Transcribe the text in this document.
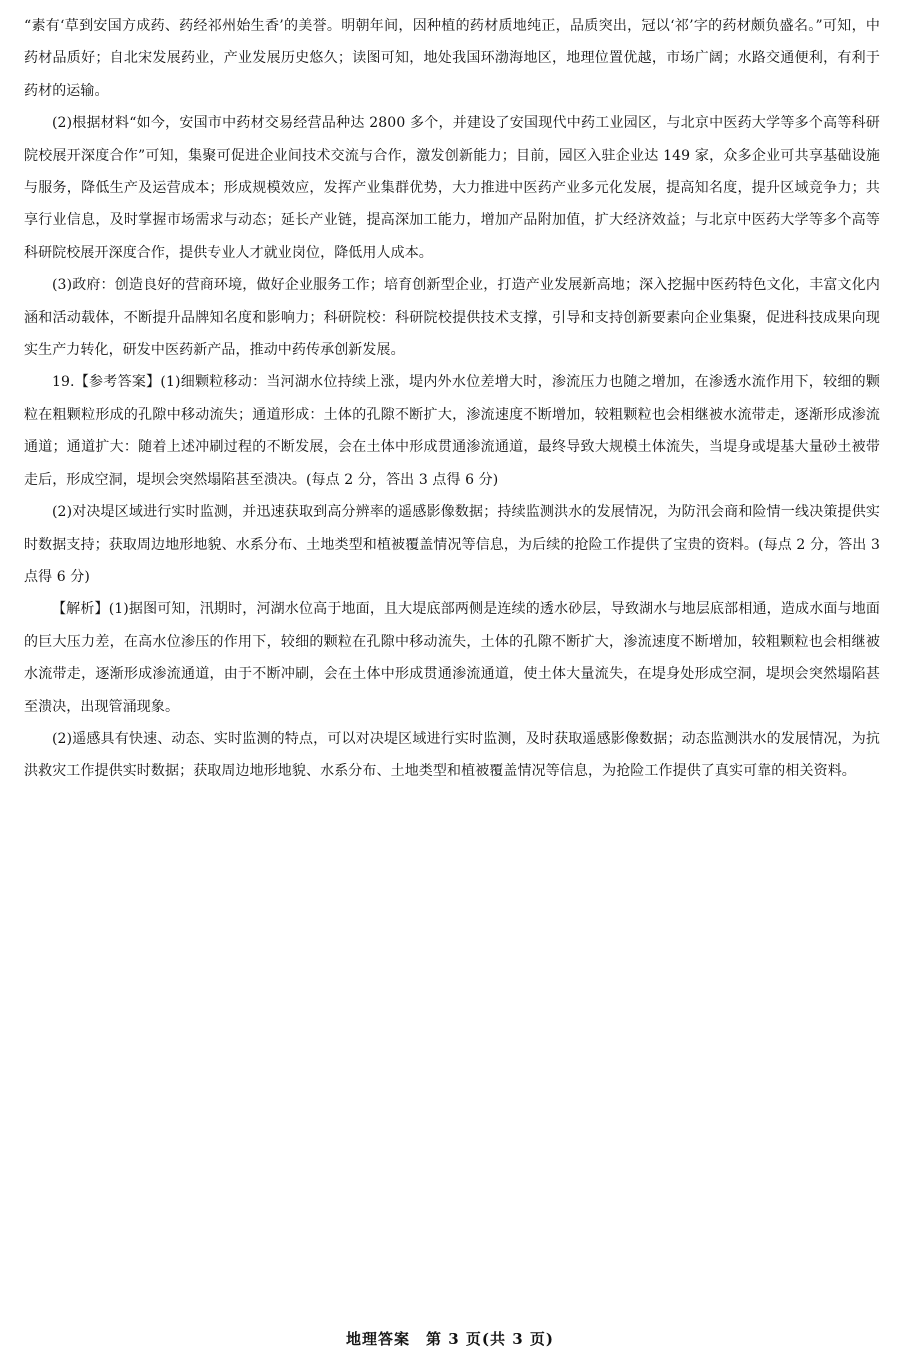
“素有‘草到安国方成药、药经祁州始生香’的美誉。明朝年间，因种植的药材质地纯正，品质突出，冠以‘祁’字的药材颇负盛名。”可知，中药材品质好；自北宋发展药业，产业发展历史悠久；读图可知，地处我国环渤海地区，地理位置优越，市场广阔；水路交通便利，有利于药材的运输。

(2)根据材料“如今，安国市中药材交易经营品种达 2800 多个，并建设了安国现代中药工业园区，与北京中医药大学等多个高等科研院校展开深度合作”可知，集聚可促进企业间技术交流与合作，激发创新能力；目前，园区入驻企业达 149 家，众多企业可共享基础设施与服务，降低生产及运营成本；形成规模效应，发挥产业集群优势，大力推进中医药产业多元化发展，提高知名度，提升区域竞争力；共享行业信息，及时掌握市场需求与动态；延长产业链，提高深加工能力，增加产品附加值，扩大经济效益；与北京中医药大学等多个高等科研院校展开深度合作，提供专业人才就业岗位，降低用人成本。

(3)政府：创造良好的营商环境，做好企业服务工作；培育创新型企业，打造产业发展新高地；深入挖掘中医药特色文化，丰富文化内涵和活动载体，不断提升品牌知名度和影响力；科研院校：科研院校提供技术支撑，引导和支持创新要素向企业集聚，促进科技成果向现实生产力转化，研发中医药新产品，推动中药传承创新发展。

19.【参考答案】(1)细颗粒移动：当河湖水位持续上涨，堤内外水位差增大时，渗流压力也随之增加，在渗透水流作用下，较细的颗粒在粗颗粒形成的孔隙中移动流失；通道形成：土体的孔隙不断扩大，渗流速度不断增加，较粗颗粒也会相继被水流带走，逐渐形成渗流通道；通道扩大：随着上述冲刷过程的不断发展，会在土体中形成贯通渗流通道，最终导致大规模土体流失，当堤身或堤基大量砂土被带走后，形成空洞，堤坝会突然塌陷甚至溃决。(每点 2 分，答出 3 点得 6 分)

(2)对决堤区域进行实时监测，并迅速获取到高分辨率的遥感影像数据；持续监测洪水的发展情况，为防汛会商和险情一线决策提供实时数据支持；获取周边地形地貌、水系分布、土地类型和植被覆盖情况等信息，为后续的抢险工作提供了宝贵的资料。(每点 2 分，答出 3 点得 6 分)

【解析】(1)据图可知，汛期时，河湖水位高于地面，且大堤底部两侧是连续的透水砂层，导致湖水与地层底部相通，造成水面与地面的巨大压力差，在高水位渗压的作用下，较细的颗粒在孔隙中移动流失，土体的孔隙不断扩大，渗流速度不断增加，较粗颗粒也会相继被水流带走，逐渐形成渗流通道，由于不断冲刷，会在土体中形成贯通渗流通道，使土体大量流失，在堤身处形成空洞，堤坝会突然塌陷甚至溃决，出现管涌现象。

(2)遥感具有快速、动态、实时监测的特点，可以对决堤区域进行实时监测，及时获取遥感影像数据；动态监测洪水的发展情况，为抗洪救灾工作提供实时数据；获取周边地形地貌、水系分布、土地类型和植被覆盖情况等信息，为抢险工作提供了真实可靠的相关资料。

地理答案　第 3 页(共 3 页)
